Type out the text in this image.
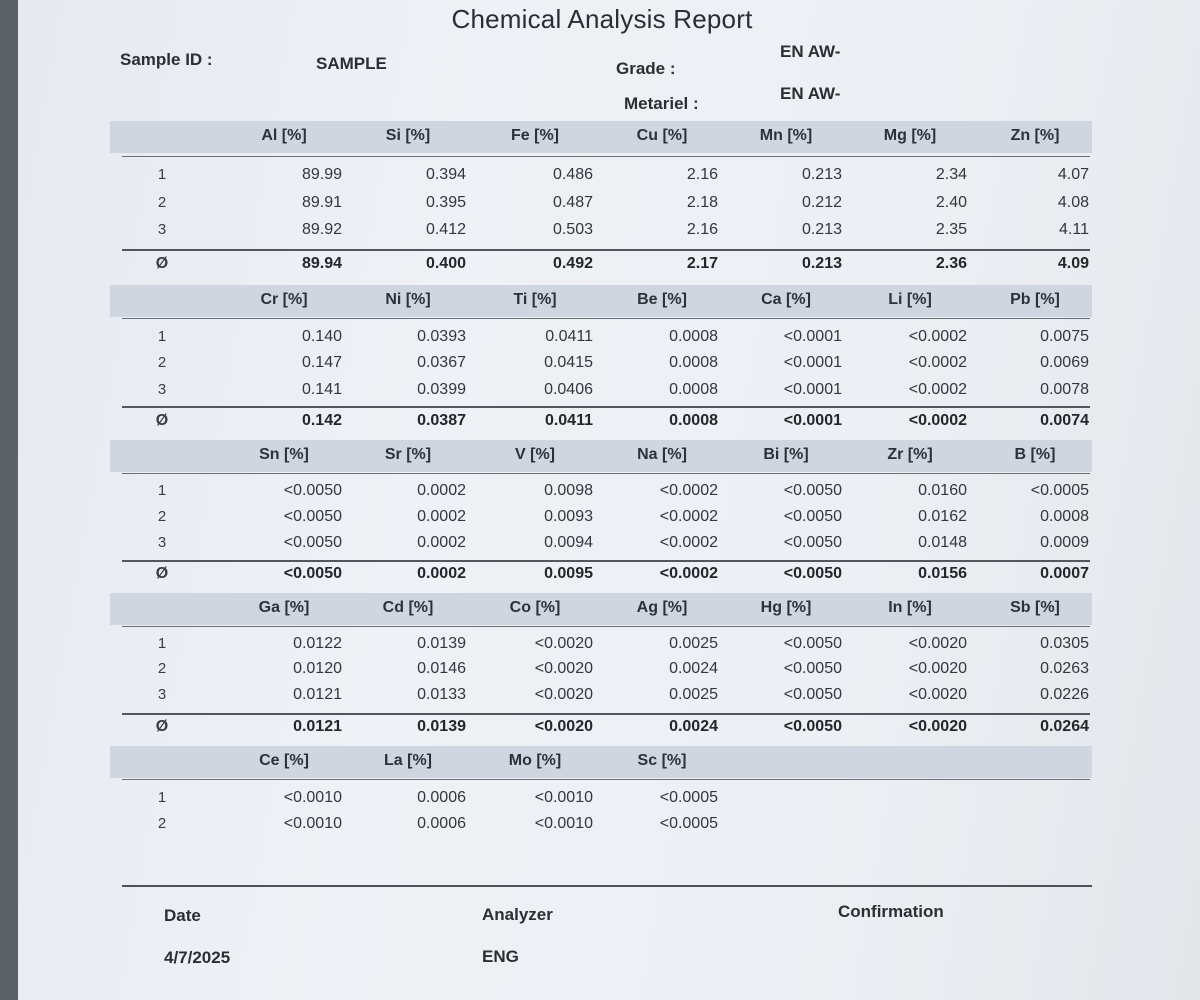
Chemical Analysis Report
Sample ID :	SAMPLE	Grade :
EN AW-
Metariel :
EN AW-
Al [%]	Si [%]	Fe [%]	Cu [%]	Mn [%]	Mg [%]	Zn [%]
1	89.99	0.394	0.486	2.16	0.213	2.34	4.07
2	89.91	0.395	0.487	2.18	0.212	2.40	4.08
3	89.92	0.412	0.503	2.16	0.213	2.35	4.11
Ø	89.94	0.400	0.492	2.17	0.213	2.36	4.09
Cr [%]	Ni [%]	Ti [%]	Be [%]	Ca [%]	Li [%]	Pb [%]
1	0.140	0.0393	0.0411	0.0008	<0.0001	<0.0002	0.0075
2	0.147	0.0367	0.0415	0.0008	<0.0001	<0.0002	0.0069
3	0.141	0.0399	0.0406	0.0008	<0.0001	<0.0002	0.0078
Ø	0.142	0.0387	0.0411	0.0008	<0.0001	<0.0002	0.0074
Sn [%]	Sr [%]	V [%]	Na [%]	Bi [%]	Zr [%]	B [%]
1	<0.0050	0.0002	0.0098	<0.0002	<0.0050	0.0160	<0.0005
2	<0.0050	0.0002	0.0093	<0.0002	<0.0050	0.0162	0.0008
3	<0.0050	0.0002	0.0094	<0.0002	<0.0050	0.0148	0.0009
Ø	<0.0050	0.0002	0.0095	<0.0002	<0.0050	0.0156	0.0007
Ga [%]	Cd [%]	Co [%]	Ag [%]	Hg [%]	In [%]	Sb [%]
1	0.0122	0.0139	<0.0020	0.0025	<0.0050	<0.0020	0.0305
2	0.0120	0.0146	<0.0020	0.0024	<0.0050	<0.0020	0.0263
3	0.0121	0.0133	<0.0020	0.0025	<0.0050	<0.0020	0.0226
Ø	0.0121	0.0139	<0.0020	0.0024	<0.0050	<0.0020	0.0264
Ce [%]	La [%]	Mo [%]	Sc [%]
1	<0.0010	0.0006	<0.0010	<0.0005
2	<0.0010	0.0006	<0.0010	<0.0005
Date
4/7/2025
Analyzer
ENG
Confirmation
